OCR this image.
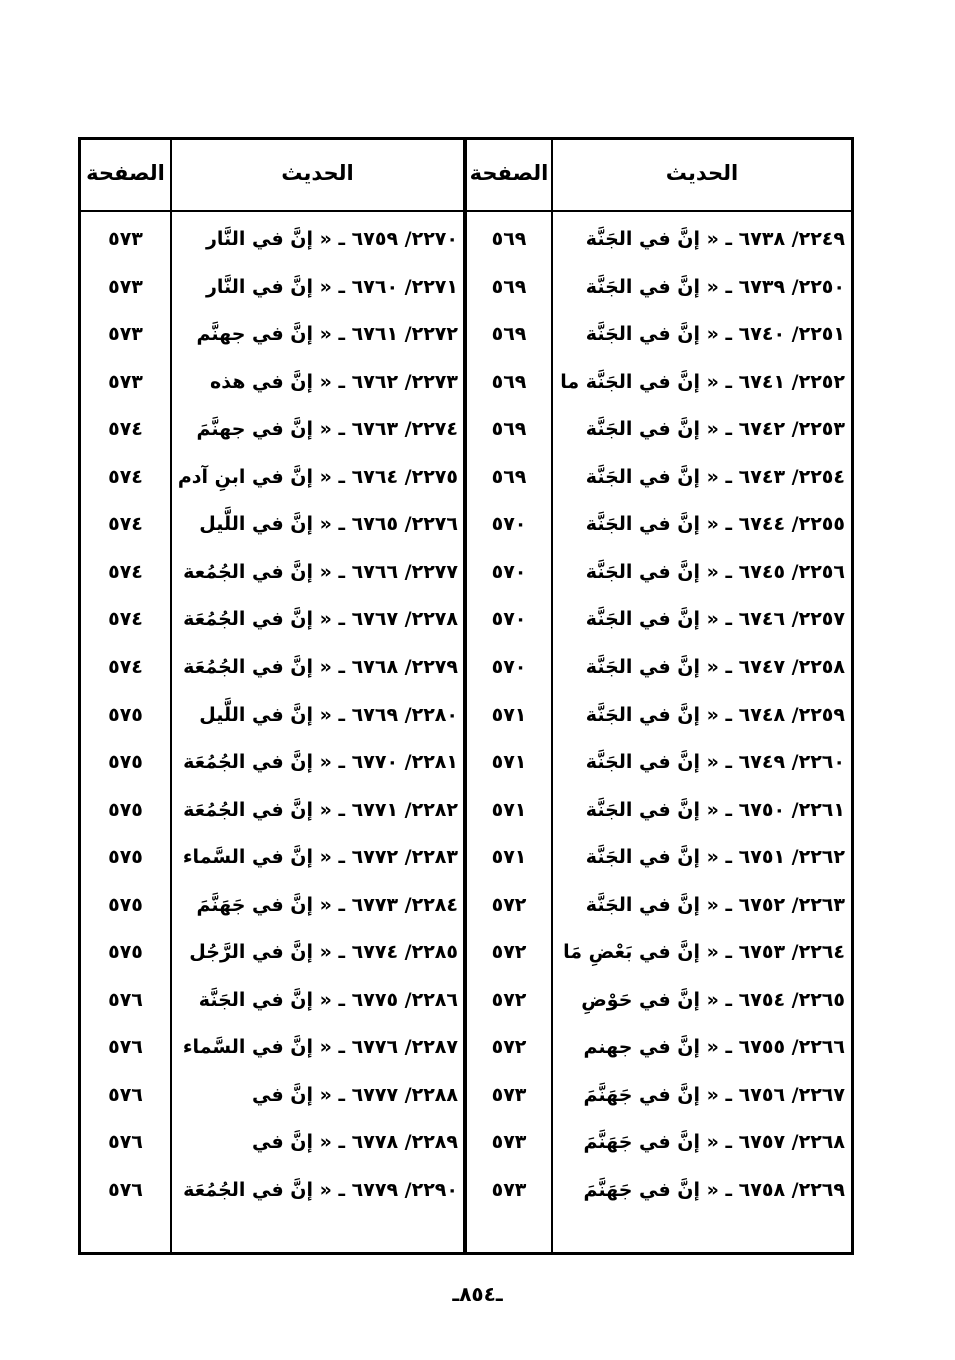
الحديث
الصفحة
الحديث
الصفحة
٢٢٤٩/ ٦٧٣٨ ـ « إنَّ في الجَنَّة
٥٦٩
٢٢٧٠/ ٦٧٥٩ ـ « إنَّ في النَّار
٥٧٣
٢٢٥٠/ ٦٧٣٩ ـ « إنَّ في الجَنَّة
٥٦٩
٢٢٧١/ ٦٧٦٠ ـ « إنَّ في النَّار
٥٧٣
٢٢٥١/ ٦٧٤٠ ـ « إنَّ في الجَنَّة
٥٦٩
٢٢٧٢/ ٦٧٦١ ـ « إنَّ في جهنَّم
٥٧٣
٢٢٥٢/ ٦٧٤١ ـ « إنَّ في الجَنَّة ما
٥٦٩
٢٢٧٣/ ٦٧٦٢ ـ « إنَّ في هذه
٥٧٣
٢٢٥٣/ ٦٧٤٢ ـ « إنَّ في الجَنَّة
٥٦٩
٢٢٧٤/ ٦٧٦٣ ـ « إنَّ في جهنَّمَ
٥٧٤
٢٢٥٤/ ٦٧٤٣ ـ « إنَّ في الجَنَّة
٥٦٩
٢٢٧٥/ ٦٧٦٤ ـ « إنَّ في ابنِ آدم
٥٧٤
٢٢٥٥/ ٦٧٤٤ ـ « إنَّ في الجَنَّة
٥٧٠
٢٢٧٦/ ٦٧٦٥ ـ « إنَّ في اللَّيل
٥٧٤
٢٢٥٦/ ٦٧٤٥ ـ « إنَّ في الجَنَّة
٥٧٠
٢٢٧٧/ ٦٧٦٦ ـ « إنَّ في الجُمُعة
٥٧٤
٢٢٥٧/ ٦٧٤٦ ـ « إنَّ في الجَنَّة
٥٧٠
٢٢٧٨/ ٦٧٦٧ ـ « إنَّ في الجُمُعَة
٥٧٤
٢٢٥٨/ ٦٧٤٧ ـ « إنَّ في الجَنَّة
٥٧٠
٢٢٧٩/ ٦٧٦٨ ـ « إنَّ في الجُمُعَة
٥٧٤
٢٢٥٩/ ٦٧٤٨ ـ « إنَّ في الجَنَّة
٥٧١
٢٢٨٠/ ٦٧٦٩ ـ « إنَّ في اللَّيل
٥٧٥
٢٢٦٠/ ٦٧٤٩ ـ « إنَّ في الجَنَّة
٥٧١
٢٢٨١/ ٦٧٧٠ ـ « إنَّ في الجُمُعَة
٥٧٥
٢٢٦١/ ٦٧٥٠ ـ « إنَّ في الجَنَّة
٥٧١
٢٢٨٢/ ٦٧٧١ ـ « إنَّ في الجُمُعَة
٥٧٥
٢٢٦٢/ ٦٧٥١ ـ « إنَّ في الجَنَّة
٥٧١
٢٢٨٣/ ٦٧٧٢ ـ « إنَّ في السَّماء
٥٧٥
٢٢٦٣/ ٦٧٥٢ ـ « إنَّ في الجَنَّة
٥٧٢
٢٢٨٤/ ٦٧٧٣ ـ « إنَّ في جَهَنَّمَ
٥٧٥
٢٢٦٤/ ٦٧٥٣ ـ « إنَّ في بَعْضِ مَا
٥٧٢
٢٢٨٥/ ٦٧٧٤ ـ « إنَّ في الرَّجُل
٥٧٥
٢٢٦٥/ ٦٧٥٤ ـ « إنَّ في حَوْضِ
٥٧٢
٢٢٨٦/ ٦٧٧٥ ـ « إنَّ في الجَنَّة
٥٧٦
٢٢٦٦/ ٦٧٥٥ ـ « إنَّ في جهنم
٥٧٢
٢٢٨٧/ ٦٧٧٦ ـ « إنَّ في السَّماء
٥٧٦
٢٢٦٧/ ٦٧٥٦ ـ « إنَّ في جَهَنَّمَ
٥٧٣
٢٢٨٨/ ٦٧٧٧ ـ « إنَّ في
٥٧٦
٢٢٦٨/ ٦٧٥٧ ـ « إنَّ في جَهَنَّمَ
٥٧٣
٢٢٨٩/ ٦٧٧٨ ـ « إنَّ في
٥٧٦
٢٢٦٩/ ٦٧٥٨ ـ « إنَّ في جَهَنَّمَ
٥٧٣
٢٢٩٠/ ٦٧٧٩ ـ « إنَّ في الجُمُعَة
٥٧٦
ـ٨٥٤ـ
